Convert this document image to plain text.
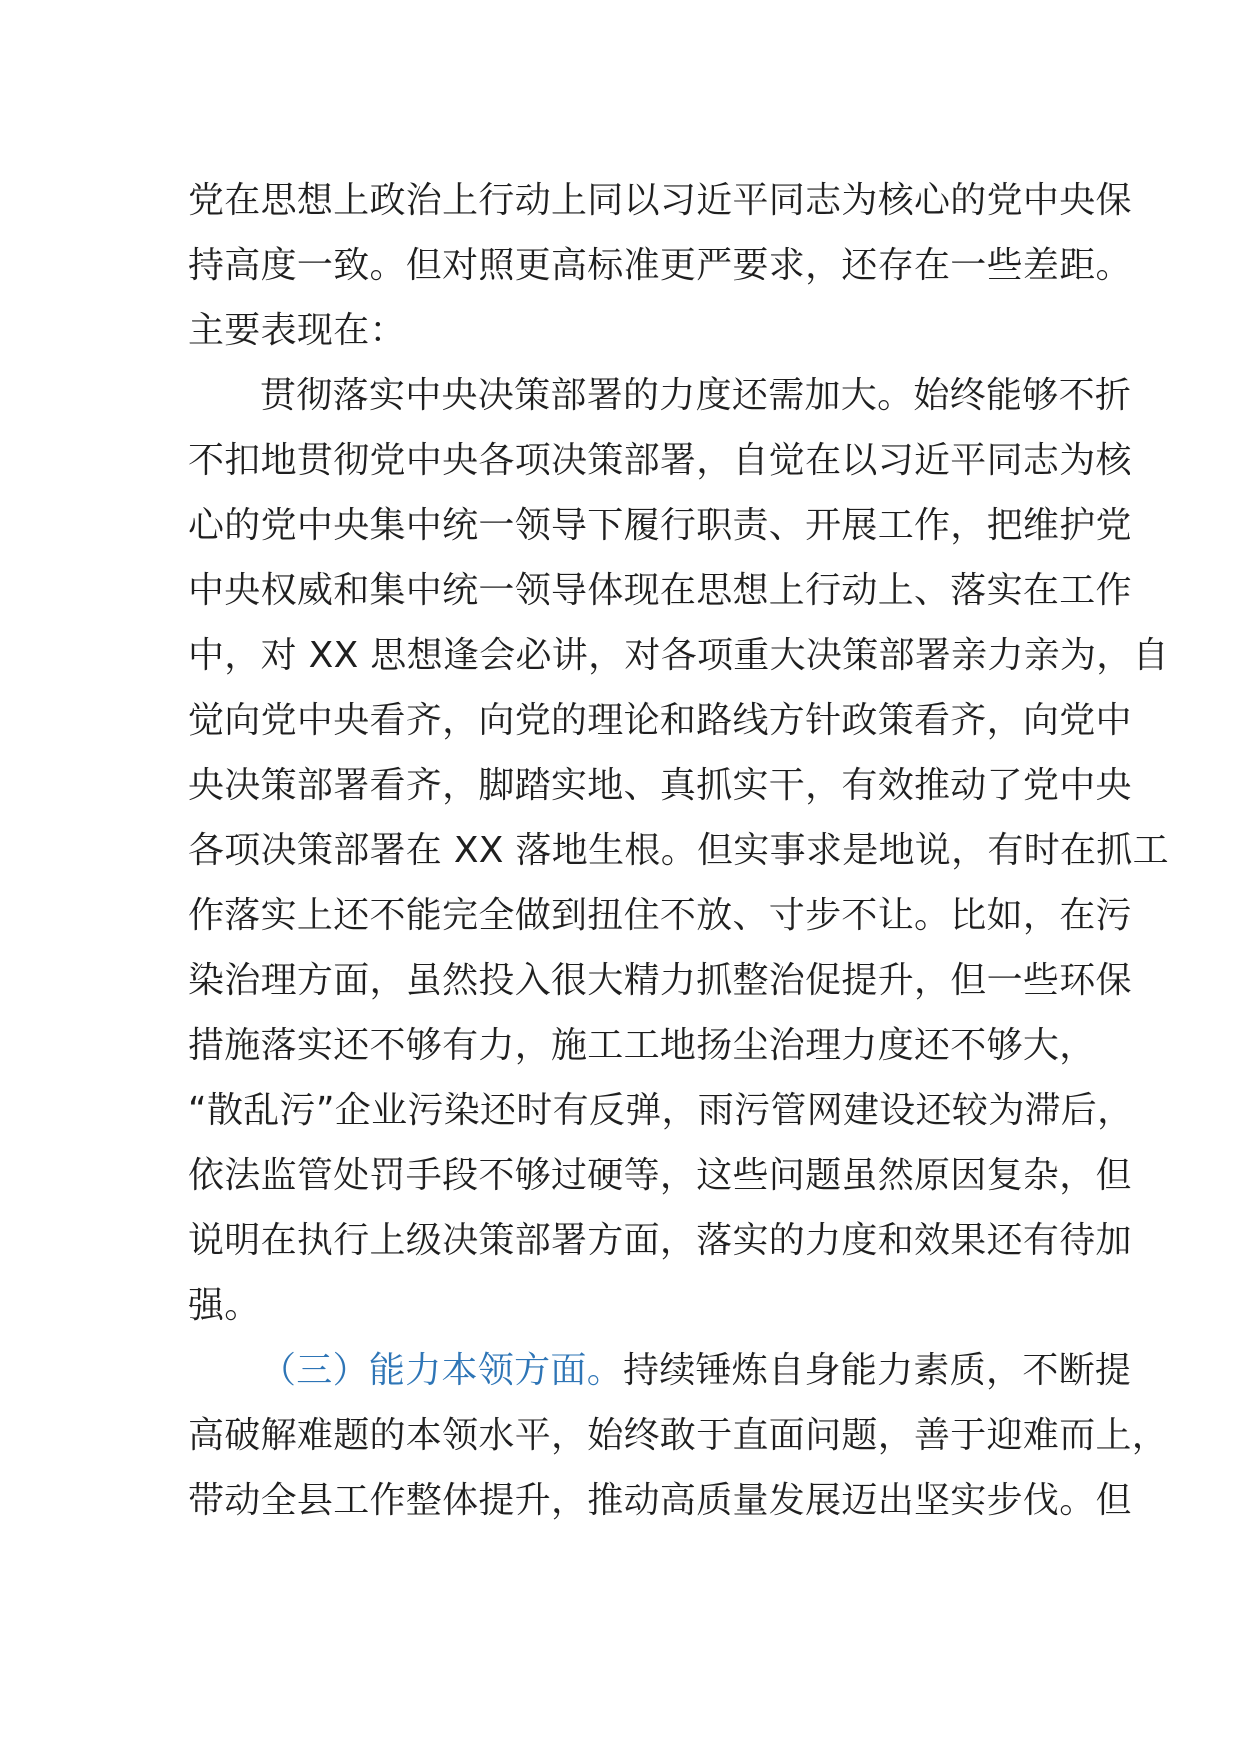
党在思想上政治上行动上同以习近平同志为核心的党中央保
持高度一致。但对照更高标准更严要求，还存在一些差距。
主要表现在：
贯彻落实中央决策部署的力度还需加大。始终能够不折
不扣地贯彻党中央各项决策部署，自觉在以习近平同志为核
心的党中央集中统一领导下履行职责、开展工作，把维护党
中央权威和集中统一领导体现在思想上行动上、落实在工作
中，对 XX 思想逢会必讲，对各项重大决策部署亲力亲为，自
觉向党中央看齐，向党的理论和路线方针政策看齐，向党中
央决策部署看齐，脚踏实地、真抓实干，有效推动了党中央
各项决策部署在 XX 落地生根。但实事求是地说，有时在抓工
作落实上还不能完全做到扭住不放、寸步不让。比如，在污
染治理方面，虽然投入很大精力抓整治促提升，但一些环保
措施落实还不够有力，施工工地扬尘治理力度还不够大，
“散乱污”企业污染还时有反弹，雨污管网建设还较为滞后，
依法监管处罚手段不够过硬等，这些问题虽然原因复杂，但
说明在执行上级决策部署方面，落实的力度和效果还有待加
强。
（三）能力本领方面。持续锤炼自身能力素质，不断提
高破解难题的本领水平，始终敢于直面问题，善于迎难而上，
带动全县工作整体提升，推动高质量发展迈出坚实步伐。但
